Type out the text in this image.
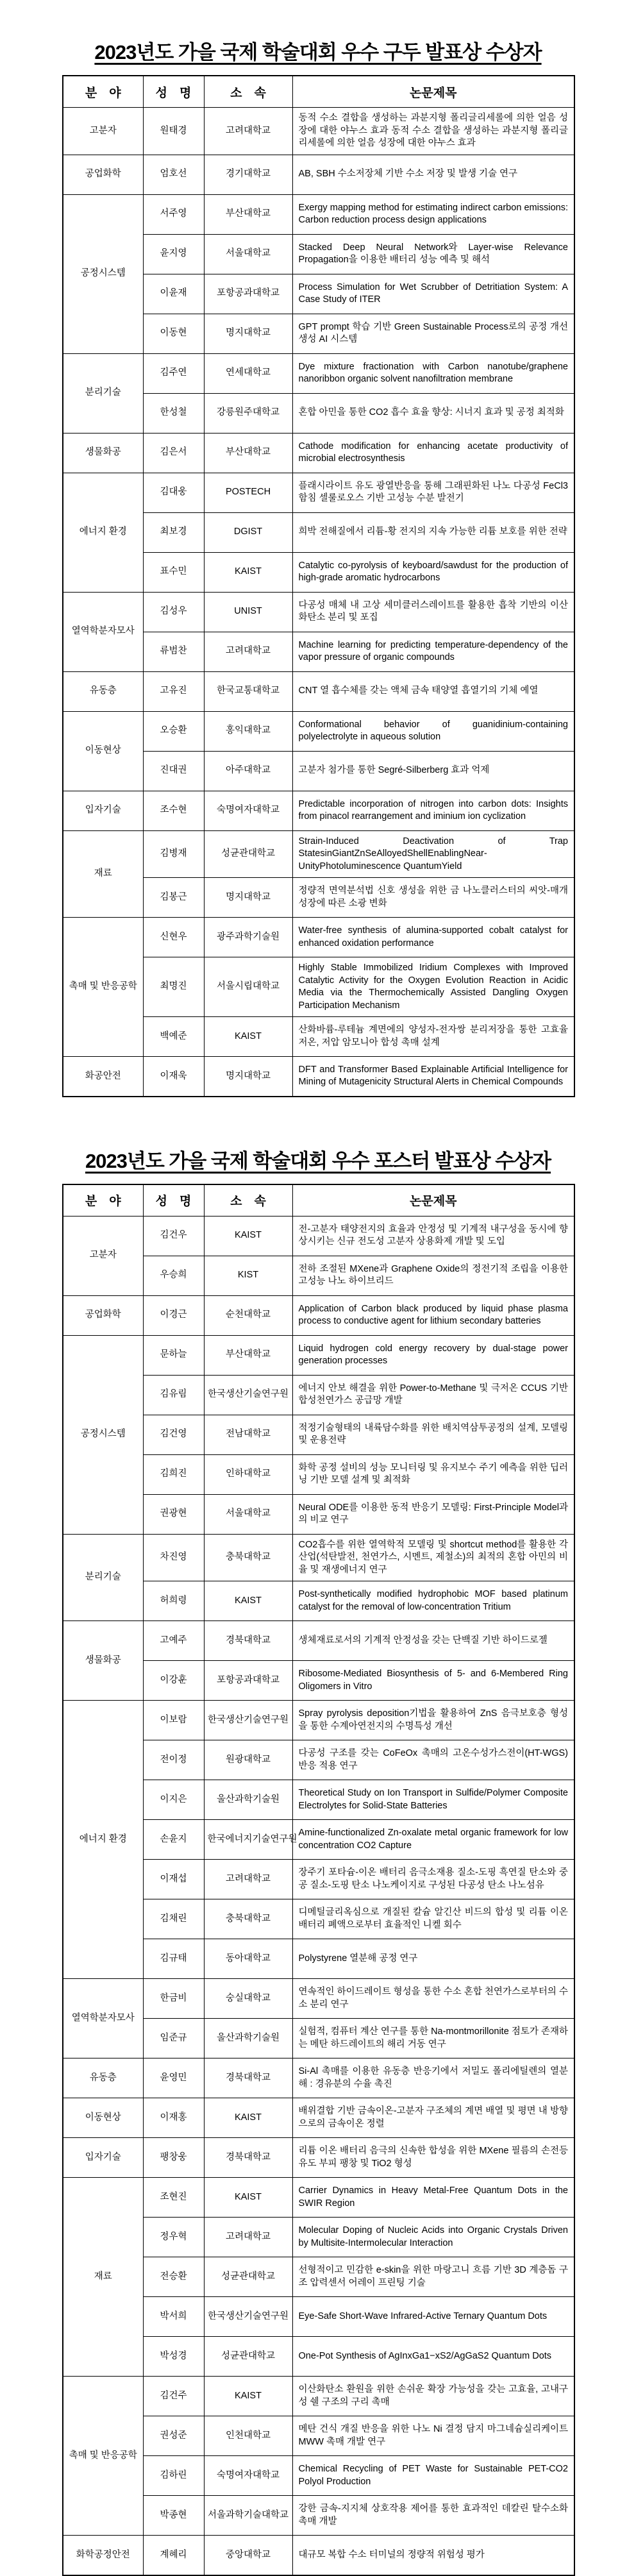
2023년도 가을 국제 학술대회 우수 구두 발표상 수상자
분　야	성　명	소　속	논문제목
고분자	원태경	고려대학교	동적 수소 결합을 생성하는 과분지형 폴리글리세롤에 의한 얼음 성장에 대한 야누스 효과 동적 수소 결합을 생성하는 과분지형 폴리글리세롤에 의한 얼음 성장에 대한 야누스 효과
공업화학	엄호선	경기대학교	AB, SBH 수소저장체 기반 수소 저장 및 발생 기술 연구
공정시스템	서주영	부산대학교	Exergy mapping method for estimating indirect carbon emissions: Carbon reduction process design applications
	윤지영	서울대학교	Stacked Deep Neural Network와 Layer-wise Relevance Propagation을 이용한 배터리 성능 예측 및 해석
	이윤재	포항공과대학교	Process Simulation for Wet Scrubber of Detritiation System: A Case Study of ITER
	이동현	명지대학교	GPT prompt 학습 기반 Green Sustainable Process로의 공정 개선 생성 AI 시스템
분리기술	김주연	연세대학교	Dye mixture fractionation with Carbon nanotube/graphene nanoribbon organic solvent nanofiltration membrane
	한성철	강릉원주대학교	혼합 아민을 통한 CO2 흡수 효율 향상: 시너지 효과 및 공정 최적화
생물화공	김은서	부산대학교	Cathode modification for enhancing acetate productivity of microbial electrosynthesis
에너지 환경	김대웅	POSTECH	플래시라이트 유도 광열반응을 통해 그래핀화된 나노 다공성 FeCl3 함침 셀룰로오스 기반 고성능 수분 발전기
	최보경	DGIST	희박 전해질에서 리튬-황 전지의 지속 가능한 리튬 보호를 위한 전략
	표수민	KAIST	Catalytic co-pyrolysis of keyboard/sawdust for the production of high-grade aromatic hydrocarbons
열역학분자모사	김성우	UNIST	다공성 매체 내 고상 세미클러스레이트를 활용한 흡착 기반의 이산화탄소 분리 및 포집
	류범찬	고려대학교	Machine learning for predicting temperature-dependency of the vapor pressure of organic compounds
유동층	고유진	한국교통대학교	CNT 열 흡수체를 갖는 액체 금속 태양열 흡열기의 기체 예열
이동현상	오승환	홍익대학교	Conformational behavior of guanidinium-containing polyelectrolyte in aqueous solution
	진대권	아주대학교	고분자 첨가를 통한 Segré-Silberberg 효과 억제
입자기술	조수현	숙명여자대학교	Predictable incorporation of nitrogen into carbon dots: Insights from pinacol rearrangement and iminium ion cyclization
재료	김병재	성균관대학교	Strain-Induced Deactivation of Trap StatesinGiantZnSeAlloyedShellEnablingNear-UnityPhotoluminescence QuantumYield
	김봉근	명지대학교	정량적 면역분석법 신호 생성을 위한 금 나노클러스터의 씨앗-매개 성장에 따른 소광 변화
촉매 및 반응공학	신현우	광주과학기술원	Water-free synthesis of alumina-supported cobalt catalyst for enhanced oxidation performance
	최명진	서울시립대학교	Highly Stable Immobilized Iridium Complexes with Improved Catalytic Activity for the Oxygen Evolution Reaction in Acidic Media via the Thermochemically Assisted Dangling Oxygen Participation Mechanism
	백예준	KAIST	산화바륨-루테늄 계면에의 양성자-전자쌍 분리저장을 통한 고효율 저온, 저압 암모니아 합성 촉매 설계
화공안전	이재욱	명지대학교	DFT and Transformer Based Explainable Artificial Intelligence for Mining of Mutagenicity Structural Alerts in Chemical Compounds
2023년도 가을 국제 학술대회 우수 포스터 발표상 수상자
분　야	성　명	소　속	논문제목
고분자	김건우	KAIST	전-고분자 태양전지의 효율과 안정성 및 기계적 내구성을 동시에 향상시키는 신규 전도성 고분자 상용화제 개발 및 도입
	우승희	KIST	전하 조절된 MXene과 Graphene Oxide의 정전기적 조립을 이용한 고성능 나노 하이브리드
공업화학	이경근	순천대학교	Application of Carbon black produced by liquid phase plasma process to conductive agent for lithium secondary batteries
공정시스템	문하늘	부산대학교	Liquid hydrogen cold energy recovery by dual-stage power generation processes
	김유림	한국생산기술연구원	에너지 안보 해결을 위한 Power-to-Methane 및 극저온 CCUS 기반 합성천연가스 공급망 개발
	김건영	전남대학교	적정기술형태의 내륙담수화를 위한 배치역삼투공정의 설계, 모델링 및 운용전략
	김희진	인하대학교	화학 공정 설비의 성능 모니터링 및 유지보수 주기 예측을 위한 딥러닝 기반 모델 설계 및 최적화
	권광현	서울대학교	Neural ODE를 이용한 동적 반응기 모델링: First-Principle Model과의 비교 연구
분리기술	차진영	충북대학교	CO2흡수를 위한 열역학적 모델링 및 shortcut method를 활용한 각 산업(석탄발전, 천연가스, 시멘트, 제철소)의 최적의 혼합 아민의 비율 및 재생에너지 연구
	허희령	KAIST	Post-synthetically modified hydrophobic MOF based platinum catalyst for the removal of low-concentration Tritium
생물화공	고예주	경북대학교	생체재료로서의 기계적 안정성을 갖는 단백질 기반 하이드로젤
	이강훈	포항공과대학교	Ribosome-Mediated Biosynthesis of 5- and 6-Membered Ring Oligomers in Vitro
에너지 환경	이보람	한국생산기술연구원	Spray pyrolysis deposition기법을 활용하여 ZnS 음극보호층 형성을 통한 수계아연전지의 수명특성 개선
	전이정	원광대학교	다공성 구조를 갖는 CoFeOx 촉매의 고온수성가스전이(HT-WGS)반응 적용 연구
	이지은	울산과학기술원	Theoretical Study on Ion Transport in Sulfide/Polymer Composite Electrolytes for Solid-State Batteries
	손윤지	한국에너지기술연구원	Amine-functionalized Zn-oxalate metal organic framework for low concentration CO2 Capture
	이재섭	고려대학교	장주기 포타슘-이온 배터리 음극소재용 질소-도핑 흑연질 탄소와 중공 질소-도핑 탄소 나노케이지로 구성된 다공성 탄소 나노섬유
	김채린	충북대학교	디메틸글리옥심으로 개질된 칼슘 알긴산 비드의 합성 및 리튬 이온 배터리 폐액으로부터 효율적인 니켈 회수
	김규태	동아대학교	Polystyrene 열분해 공정 연구
열역학분자모사	한금비	숭실대학교	연속적인 하이드레이트 형성을 통한 수소 혼합 천연가스로부터의 수소 분리 연구
	임준규	울산과학기술원	실험적, 컴퓨터 계산 연구를 통한 Na-montmorillonite 점토가 존재하는 메탄 하드레이트의 해리 거동 연구
유동층	윤영민	경북대학교	Si-Al 촉매를 이용한 유동층 반응기에서 저밀도 폴리에틸렌의 열분해 : 경유분의 수율 촉진
이동현상	이재홍	KAIST	배위결합 기반 금속이온-고분자 구조체의 계면 배열 및 평면 내 방향으로의 금속이온 정렬
입자기술	팽창웅	경북대학교	리튬 이온 배터리 음극의 신속한 합성을 위한 MXene 필름의 손전등 유도 부피 팽창 및 TiO2 형성
재료	조현진	KAIST	Carrier Dynamics in Heavy Metal-Free Quantum Dots in the SWIR Region
	정우혁	고려대학교	Molecular Doping of Nucleic Acids into Organic Crystals Driven by Multisite-Intermolecular Interaction
	전승환	성균관대학교	선형적이고 민감한 e-skin을 위한 마랑고니 흐름 기반 3D 계층돔 구조 압력센서 어레이 프린팅 기술
	박서희	한국생산기술연구원	Eye-Safe Short-Wave Infrared-Active Ternary Quantum Dots
	박성경	성균관대학교	One-Pot Synthesis of AgInxGa1−xS2/AgGaS2 Quantum Dots
촉매 및 반응공학	김건주	KAIST	이산화탄소 환원을 위한 손쉬운 확장 가능성을 갖는 고효율, 고내구성 쉘 구조의 구리 촉매
	권성준	인천대학교	메탄 건식 개질 반응을 위한 나노 Ni 결정 담지 마그네슘실리케이트 MWW 촉매 개발 연구
	김하린	숙명여자대학교	Chemical Recycling of PET Waste for Sustainable PET-CO2 Polyol Production
	박종현	서울과학기술대학교	강한 금속-지지체 상호작용 제어를 통한 효과적인 데칼린 탈수소화 촉매 개발
화학공정안전	계혜리	중앙대학교	대규모 복합 수소 터미널의 정량적 위험성 평가
